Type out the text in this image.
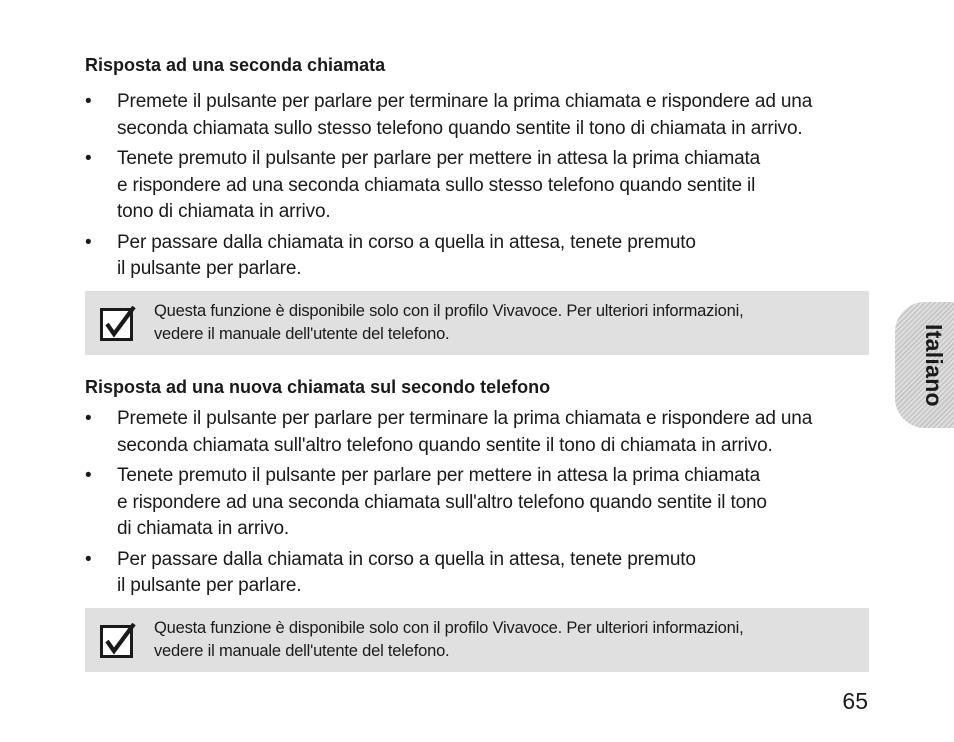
Risposta ad una seconda chiamata
•	Premete il pulsante per parlare per terminare la prima chiamata e rispondere ad una
seconda chiamata sullo stesso telefono quando sentite il tono di chiamata in arrivo.
•	Tenete premuto il pulsante per parlare per mettere in attesa la prima chiamata
e rispondere ad una seconda chiamata sullo stesso telefono quando sentite il
tono di chiamata in arrivo.
•	Per passare dalla chiamata in corso a quella in attesa, tenete premuto
il pulsante per parlare.
Questa funzione è disponibile solo con il profilo Vivavoce. Per ulteriori informazioni,
vedere il manuale dell'utente del telefono.
Risposta ad una nuova chiamata sul secondo telefono
•	Premete il pulsante per parlare per terminare la prima chiamata e rispondere ad una
seconda chiamata sull'altro telefono quando sentite il tono di chiamata in arrivo.
•	Tenete premuto il pulsante per parlare per mettere in attesa la prima chiamata
e rispondere ad una seconda chiamata sull'altro telefono quando sentite il tono
di chiamata in arrivo.
•	Per passare dalla chiamata in corso a quella in attesa, tenete premuto
il pulsante per parlare.
Questa funzione è disponibile solo con il profilo Vivavoce. Per ulteriori informazioni,
vedere il manuale dell'utente del telefono.
Italiano
65
